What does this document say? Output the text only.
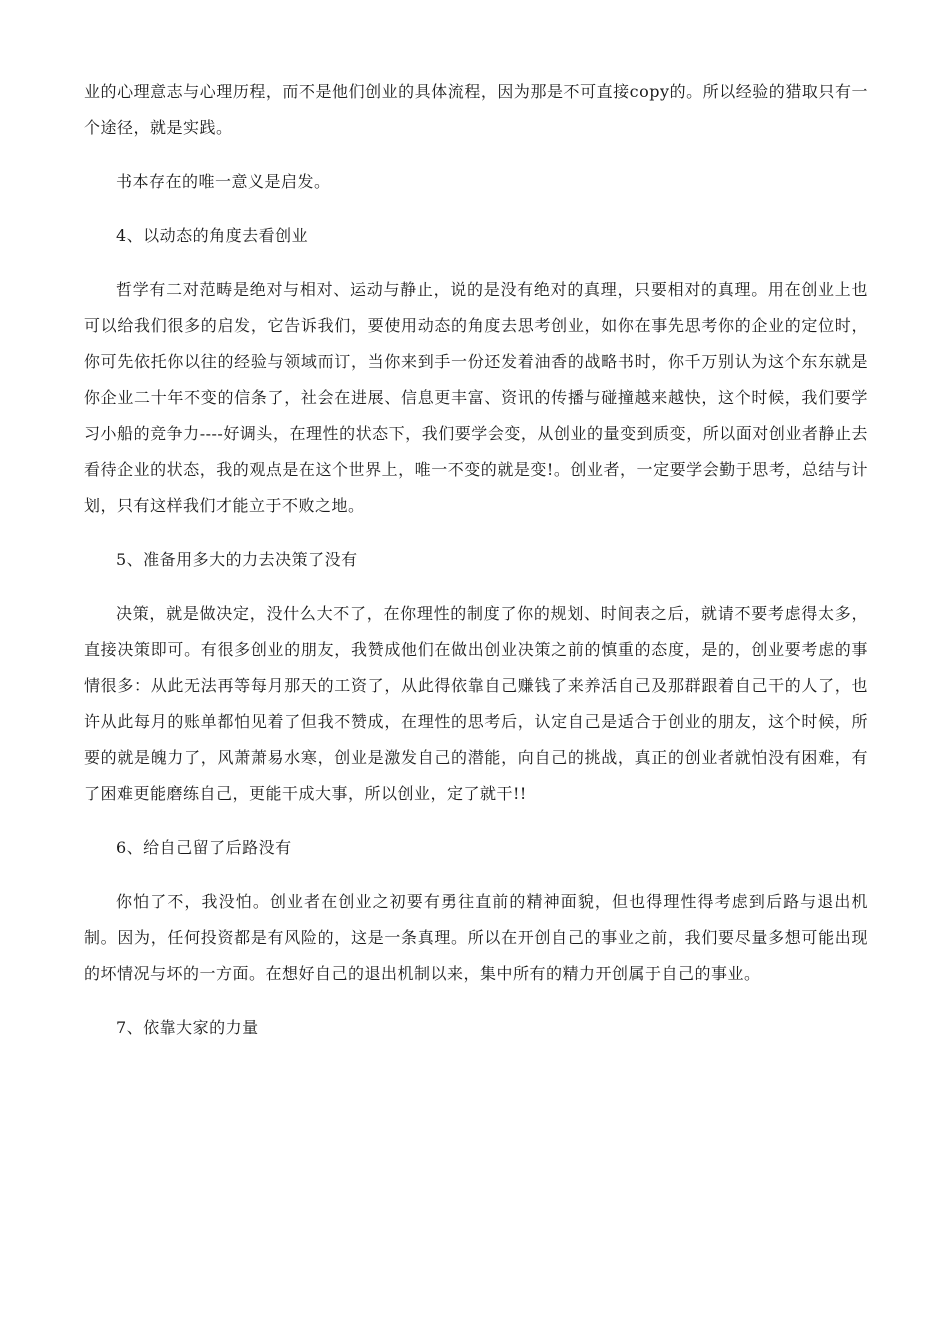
业的心理意志与心理历程，而不是他们创业的具体流程，因为那是不可直接copy的。所以经验的猎取只有一个途径，就是实践。

书本存在的唯一意义是启发。

4、以动态的角度去看创业

哲学有二对范畴是绝对与相对、运动与静止，说的是没有绝对的真理，只要相对的真理。用在创业上也可以给我们很多的启发，它告诉我们，要使用动态的角度去思考创业，如你在事先思考你的企业的定位时，你可先依托你以往的经验与领域而订，当你来到手一份还发着油香的战略书时，你千万别认为这个东东就是你企业二十年不变的信条了，社会在进展、信息更丰富、资讯的传播与碰撞越来越快，这个时候，我们要学习小船的竞争力----好调头，在理性的状态下，我们要学会变，从创业的量变到质变，所以面对创业者静止去看待企业的状态，我的观点是在这个世界上，唯一不变的就是变!。创业者，一定要学会勤于思考，总结与计划，只有这样我们才能立于不败之地。

5、准备用多大的力去决策了没有

决策，就是做决定，没什么大不了，在你理性的制度了你的规划、时间表之后，就请不要考虑得太多，直接决策即可。有很多创业的朋友，我赞成他们在做出创业决策之前的慎重的态度，是的，创业要考虑的事情很多：从此无法再等每月那天的工资了，从此得依靠自己赚钱了来养活自己及那群跟着自己干的人了，也许从此每月的账单都怕见着了但我不赞成，在理性的思考后，认定自己是适合于创业的朋友，这个时候，所要的就是魄力了，风萧萧易水寒，创业是激发自己的潜能，向自己的挑战，真正的创业者就怕没有困难，有了困难更能磨练自己，更能干成大事，所以创业，定了就干!!

6、给自己留了后路没有

你怕了不，我没怕。创业者在创业之初要有勇往直前的精神面貌，但也得理性得考虑到后路与退出机制。因为，任何投资都是有风险的，这是一条真理。所以在开创自己的事业之前，我们要尽量多想可能出现的坏情况与坏的一方面。在想好自己的退出机制以来，集中所有的精力开创属于自己的事业。

7、依靠大家的力量
